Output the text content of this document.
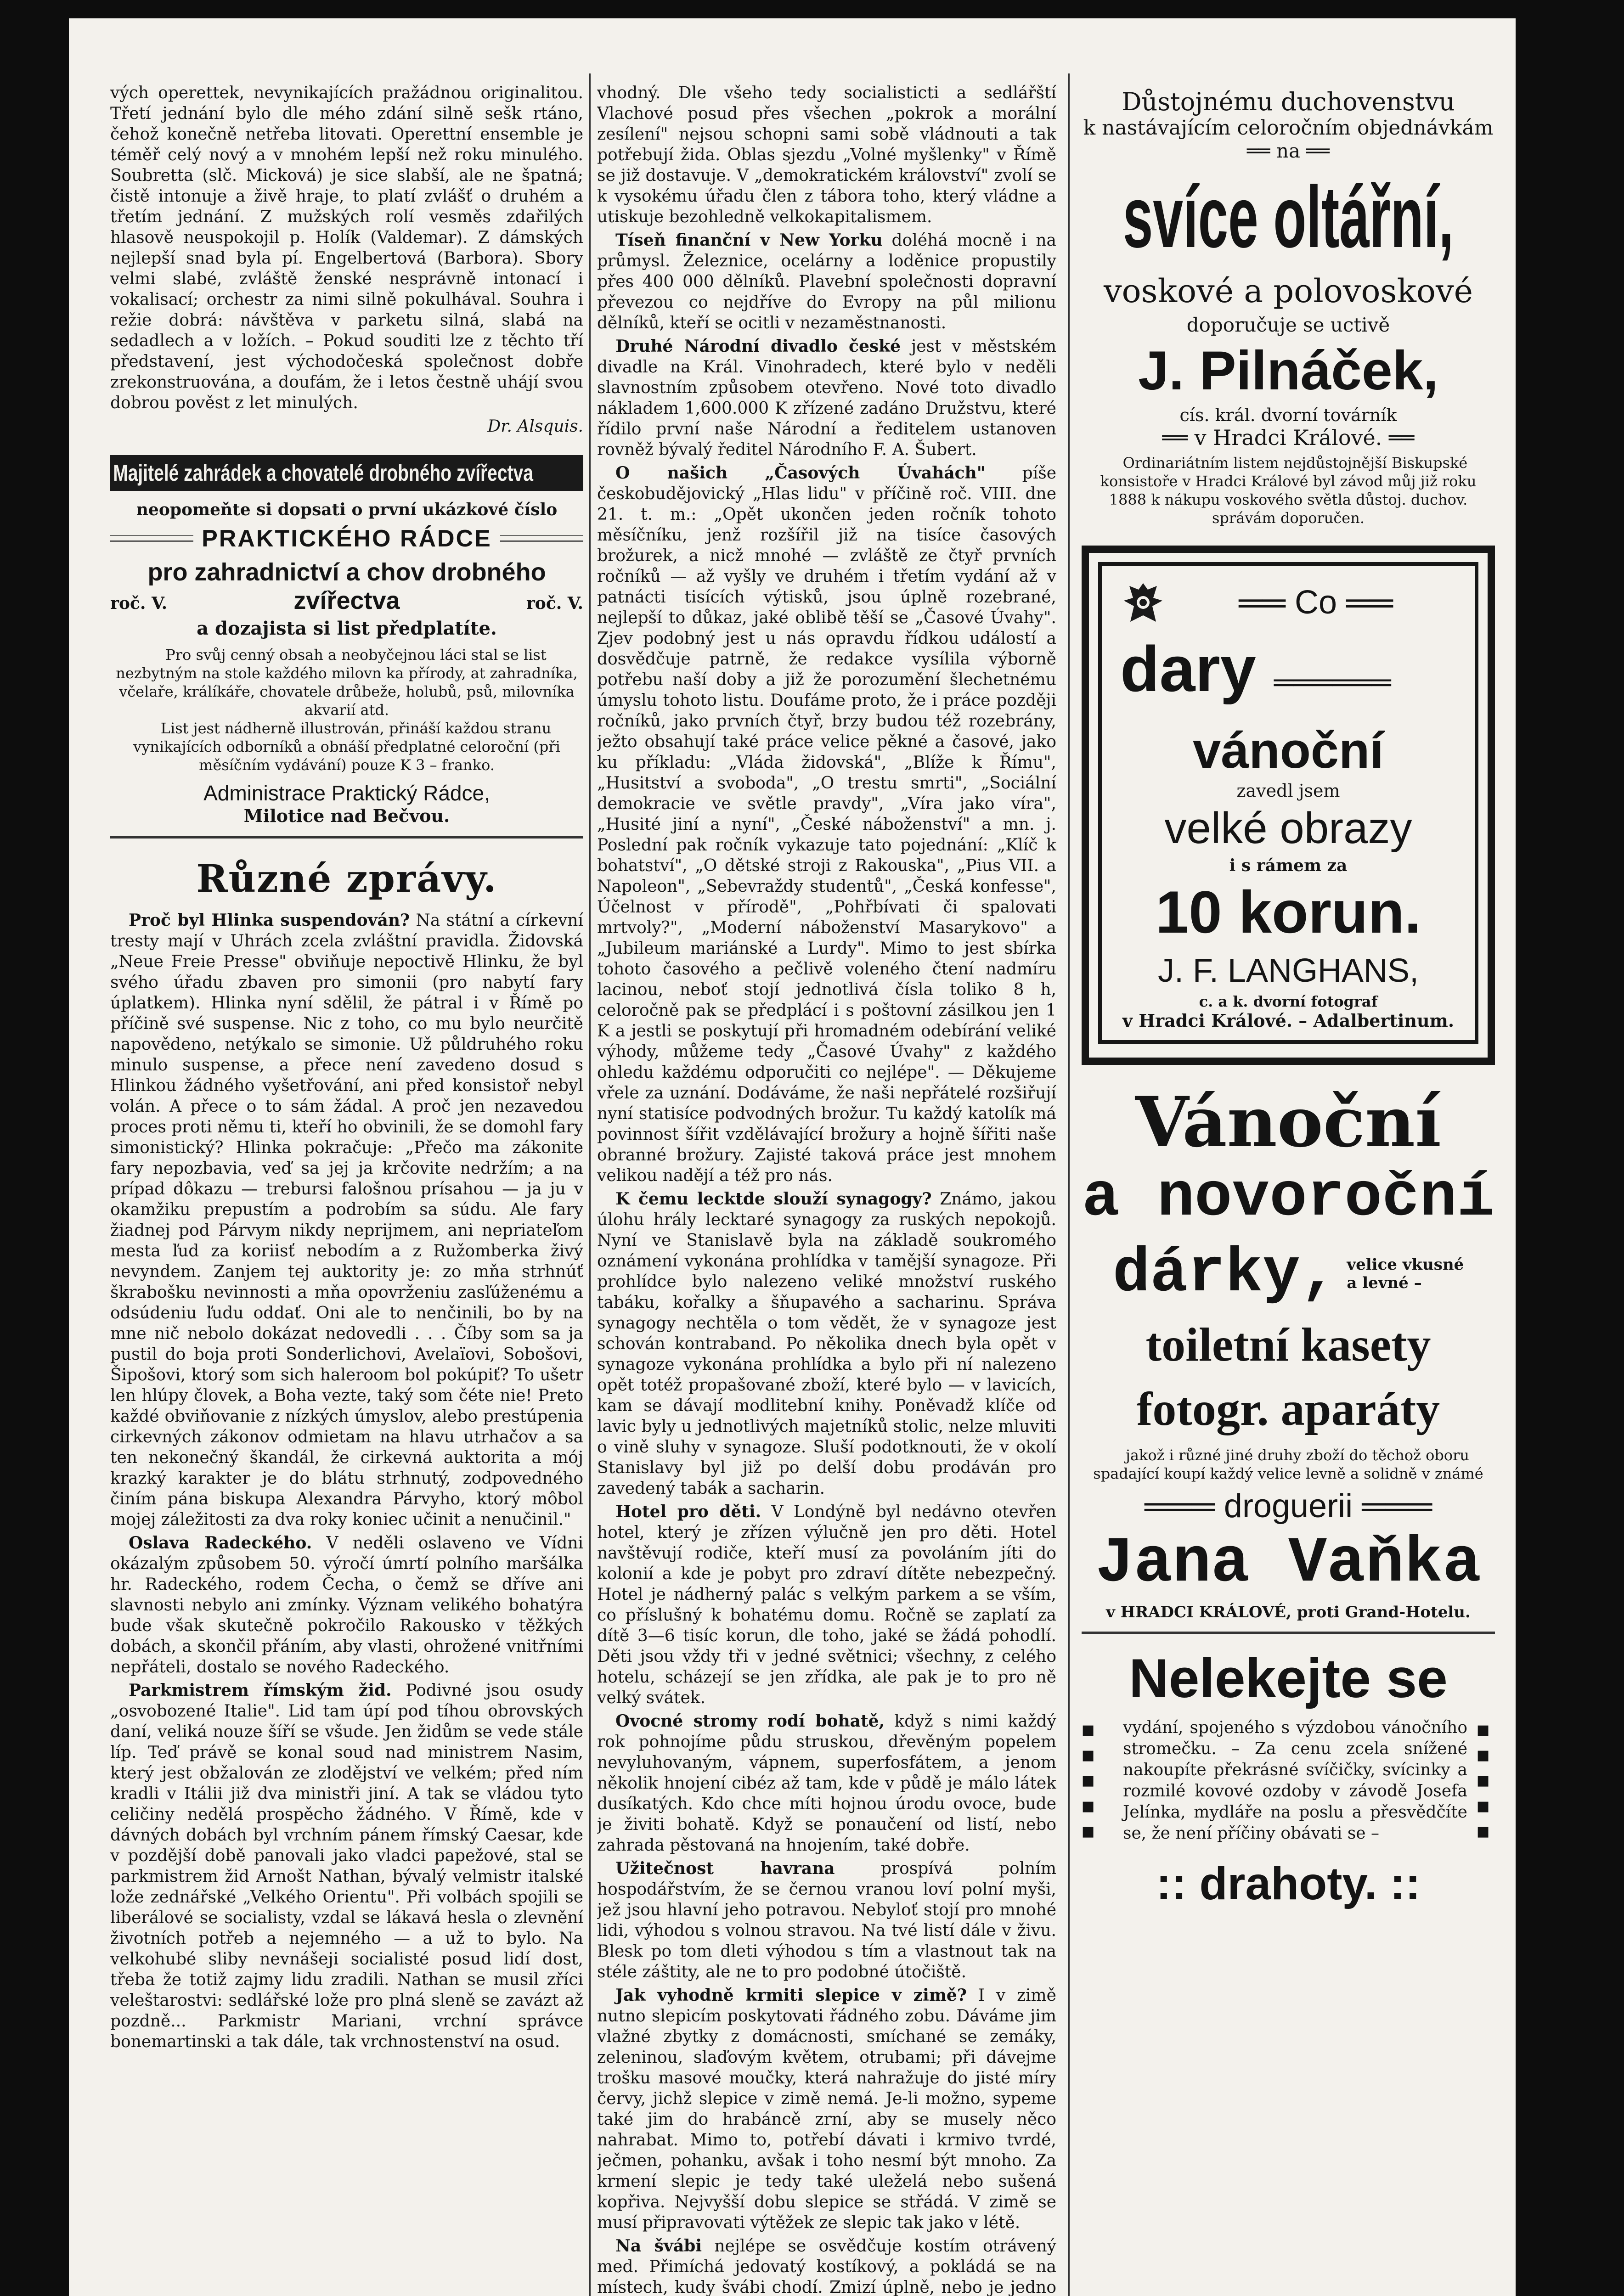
vých operettek, nevynikajících pražádnou originalitou. Třetí jednání bylo dle mého zdání silně sešk rtáno, čehož konečně netřeba litovati. Operettní ensemble je téměř celý nový a v mnohém lepší než roku minulého. Soubretta (slč. Micková) je sice slabší, ale ne špatná; čistě intonuje a živě hraje, to platí zvlášť o druhém a třetím jednání. Z mužských rolí vesměs zdařilých hlasově neuspokojil p. Holík (Valdemar). Z dámských nejlepší snad byla pí. Engelbertová (Barbora). Sbory velmi slabé, zvláště ženské nesprávně intonací i vokalisací; orchestr za nimi silně pokulhával. Souhra i režie dobrá: návštěva v parketu silná, slabá na sedadlech a v ložích. – Pokud souditi lze z těchto tří představení, jest východočeská společnost dobře zrekonstruována, a doufám, že i letos čestně uhájí svou dobrou pověst z let minulých.

Dr. Alsquis.

Majitelé zahrádek a chovatelé drobného zvířectva

neopomeňte si dopsati o první ukázkové číslo

PRAKTICKÉHO RÁDCE

pro zahradnictví a chov drobného

roč. V.	zvířectva	roč. V.

a dozajista si list předplatíte.

Pro svůj cenný obsah a neobyčejnou láci stal se list nezbytným na stole každého milovn ka přírody, at zahradníka, včelaře, králíkáře, chovatele drůbeže, holubů, psů, milovníka akvarií atd.

List jest nádherně illustrován, přináší každou stranu vynikajících odborníků a obnáší předplatné celoroční (při měsíčním vydávání) pouze K 3 – franko.

Administrace Praktický Rádce,

Milotice nad Bečvou.

Různé zprávy.

Proč byl Hlinka suspendován? Na státní a církevní tresty mají v Uhrách zcela zvláštní pravidla. Židovská „Neue Freie Presse" obviňuje nepoctivě Hlinku, že byl svého úřadu zbaven pro simonii (pro nabytí fary úplatkem). Hlinka nyní sdělil, že pátral i v Římě po příčině své suspense. Nic z toho, co mu bylo neurčitě napovědeno, netýkalo se simonie. Už půldruhého roku minulo suspense, a přece není zavedeno dosud s Hlinkou žádného vyšetřování, ani před konsistoř nebyl volán. A přece o to sám žádal. A proč jen nezavedou proces proti němu ti, kteří ho obvinili, že se domohl fary simonistický? Hlinka pokračuje: „Přečo ma zákonite fary nepozbavia, veď sa jej ja krčovite nedržím; a na prípad dôkazu — trebursi falošnou prísahou — ja ju v okamžiku prepustím a podrobím sa súdu. Ale fary žiadnej pod Párvym nikdy neprijmem, ani nepriateľom mesta ľud za koriisť nebodím a z Ružomberka živý nevyndem. Zanjem tej auktority je: zo mňa strhnúť škrabošku nevinnosti a mňa opovrženiu zasľúženému a odsúdeniu ľudu oddať. Oni ale to nenčinili, bo by na mne nič nebolo dokázat nedovedli . . . Číby som sa ja pustil do boja proti Sonderlichovi, Avelaïovi, Sobošovi, Šipošovi, ktorý som sich haleroom bol pokúpiť? To ušetr len hlúpy človek, a Boha vezte, taký som čéte nie! Preto každé obviňovanie z nízkých úmyslov, alebo prestúpenia cirkevných zákonov odmietam na hlavu utrhačov a sa ten nekonečný škandál, že cirkevná auktorita a mój krazký karakter je do blátu strhnutý, zodpovedného činím pána biskupa Alexandra Párvyho, ktorý môbol mojej záležitosti za dva roky koniec učinit a nenučinil."

Oslava Radeckého. V neděli oslaveno ve Vídni okázalým způsobem 50. výročí úmrtí polního maršálka hr. Radeckého, rodem Čecha, o čemž se dříve ani slavnosti nebylo ani zmínky. Význam velikého bohatýra bude však skutečně pokročilo Rakousko v těžkých dobách, a skončil přáním, aby vlasti, ohrožené vnitřními nepřáteli, dostalo se nového Radeckého.

Parkmistrem římským žid. Podivné jsou osudy „osvobozené Italie". Lid tam úpí pod tíhou obrovských daní, veliká nouze šíří se všude. Jen židům se vede stále líp. Teď právě se konal soud nad ministrem Nasim, který jest obžalován ze zlodějství ve velkém; před ním kradli v Itálii již dva ministři jiní. A tak se vládou tyto celičiny nedělá prospěcho žádného. V Římě, kde v dávných dobách byl vrchním pánem římský Caesar, kde v pozdější době panovali jako vladci papežové, stal se parkmistrem žid Arnošt Nathan, bývalý velmistr italské lože zednářské „Velkého Orientu". Při volbách spojili se liberálové se socialisty, vzdal se lákavá hesla o zlevnění životních potřeb a nejemného — a už to bylo. Na velkohubé sliby nevnášeji socialisté posud lidí dost, třeba že totiž zajmy lidu zradili. Nathan se musil zříci veleštarostvi: sedlářské lože pro plná sleně se zavázt až pozdně... Parkmistr Mariani, vrchní správce bonemartinski a tak dále, tak vrchnostenství na osud.

vhodný. Dle všeho tedy socialisticti a sedlářští Vlachové posud přes všechen „pokrok a morální zesílení" nejsou schopni sami sobě vládnouti a tak potřebují žida. Oblas sjezdu „Volné myšlenky" v Římě se již dostavuje. V „demokratickém království" zvolí se k vysokému úřadu člen z tábora toho, který vládne a utiskuje bezohledně velkokapitalismem.

Tíseň finanční v New Yorku doléhá mocně i na průmysl. Železnice, ocelárny a loděnice propustily přes 400 000 dělníků. Plavební společnosti dopravní převezou co nejdříve do Evropy na půl milionu dělníků, kteří se ocitli v nezaměstnanosti.

Druhé Národní divadlo české jest v městském divadle na Král. Vinohradech, které bylo v neděli slavnostním způsobem otevřeno. Nové toto divadlo nákladem 1,600.000 K zřízené zadáno Družstvu, které řídilo první naše Národní a ředitelem ustanoven rovněž bývalý ředitel Národního F. A. Šubert.

O našich „Časových Úvahách" píše českobudějovický „Hlas lidu" v příčině roč. VIII. dne 21. t. m.: „Opět ukončen jeden ročník tohoto měsíčníku, jenž rozšířil již na tisíce časových brožurek, a nicž mnohé — zvláště ze čtyř prvních ročníků — až vyšly ve druhém i třetím vydání až v patnácti tisících výtisků, jsou úplně rozebrané, nejlepší to důkaz, jaké oblibě těší se „Časové Úvahy". Zjev podobný jest u nás opravdu řídkou událostí a dosvědčuje patrně, že redakce vysílila výborně potřebu naší doby a již že porozumění šlechetnému úmyslu tohoto listu. Doufáme proto, že i práce později ročníků, jako prvních čtyř, brzy budou též rozebrány, ježto obsahují také práce velice pěkné a časové, jako ku příkladu: „Vláda židovská", „Blíže k Římu", „Husitství a svoboda", „O trestu smrti", „Sociální demokracie ve světle pravdy", „Víra jako víra", „Husité jiní a nyní", „České náboženství" a mn. j. Poslední pak ročník vykazuje tato pojednání: „Klíč k bohatství", „O dětské stroji z Rakouska", „Pius VII. a Napoleon", „Sebevraždy studentů", „Česká konfesse", Účelnost v přírodě", „Pohřbívati či spalovati mrtvoly?", „Moderní náboženství Masarykovo" a „Jubileum mariánské a Lurdy". Mimo to jest sbírka tohoto časového a pečlivě voleného čtení nadmíru lacinou, neboť stojí jednotlivá čísla toliko 8 h, celoročně pak se předplácí i s poštovní zásilkou jen 1 K a jestli se poskytují při hromadném odebírání veliké výhody, můžeme tedy „Časové Úvahy" z každého ohledu každému odporučiti co nejlépe". — Děkujeme vřele za uznání. Dodáváme, že naši nepřátelé rozšiřují nyní statisíce podvodných brožur. Tu každý katolík má povinnost šířit vzdělávající brožury a hojně šířiti naše obranné brožury. Zajisté taková práce jest mnohem velikou nadějí a též pro nás.

K čemu lecktde slouží synagogy? Známo, jakou úlohu hrály lecktaré synagogy za ruských nepokojů. Nyní ve Stanislavě byla na základě soukromého oznámení vykonána prohlídka v tamější synagoze. Při prohlídce bylo nalezeno veliké množství ruského tabáku, kořalky a šňupavého a sacharinu. Správa synagogy nechtěla o tom vědět, že v synagoze jest schován kontraband. Po několika dnech byla opět v synagoze vykonána prohlídka a bylo při ní nalezeno opět totéž propašované zboží, které bylo — v lavicích, kam se dávají modlitební knihy. Poněvadž klíče od lavic byly u jednotlivých majetníků stolic, nelze mluviti o vině sluhy v synagoze. Sluší podotknouti, že v okolí Stanislavy byl již po delší dobu prodáván pro zavedený tabák a sacharin.

Hotel pro děti. V Londýně byl nedávno otevřen hotel, který je zřízen výlučně jen pro děti. Hotel navštěvují rodiče, kteří musí za povoláním jíti do kolonií a kde je pobyt pro zdraví dítěte nebezpečný. Hotel je nádherný palác s velkým parkem a se vším, co příslušný k bohatému domu. Ročně se zaplatí za dítě 3—6 tisíc korun, dle toho, jaké se žádá pohodlí. Děti jsou vždy tři v jedné světnici; všechny, z celého hotelu, scházejí se jen zřídka, ale pak je to pro ně velký svátek.

Ovocné stromy rodí bohatě, když s nimi každý rok pohnojíme půdu struskou, dřevěným popelem nevyluhovaným, vápnem, superfosfátem, a jenom několik hnojení cibéz až tam, kde v půdě je málo látek dusíkatých. Kdo chce míti hojnou úrodu ovoce, bude je živiti bohatě. Když se ponaučení od listí, nebo zahrada pěstovaná na hnojením, také dobře.

Užitečnost havrana	prospívá polním hospodářstvím, že se černou vranou loví polní myši, jež jsou hlavní jeho potravou. Nebyloť stojí pro mnohé lidi, výhodou s volnou stravou. Na tvé listí dále v živu. Blesk po tom dleti výhodou s tím a vlastnout tak na stéle záštity, ale ne to pro podobné útočiště.

Jak vyhodně krmiti slepice v zimě? I v zimě nutno slepicím poskytovati řádného zobu. Dáváme jim vlažné zbytky z domácnosti, smíchané se zemáky, zeleninou, slaďovým květem, otrubami; při dávejme trošku masové moučky, která nahražuje do jisté míry červy, jichž slepice v zimě nemá. Je-li možno, sypeme také jim do hrabáncě zrní, aby se musely něco nahrabat. Mimo to, potřebí dávati i krmivo tvrdé, ječmen, pohanku, avšak i toho nesmí být mnoho. Za krmení slepic je tedy také uleželá nebo sušená kopřiva. Nejvyšší dobu slepice se střádá. V zimě se musí připravovati výtěžek ze slepic tak jako v létě.

Na švábi nejlépe se osvědčuje kostím otrávený med. Přimíchá jedovatý kostíkový, a pokládá se na místech, kudy švábi chodí. Zmizí úplně, nebo je jedno

Důstojnému duchovenstvu

k nastávajícím celoročním objednávkám

══ na ══

svíce oltářní,

voskové a polovoskové

doporučuje se uctivě

J. Pilnáček,

cís. král. dvorní továrník

══ v Hradci Králové. ══

Ordinariátním listem nejdůstojnější Biskupské konsistoře v Hradci Králové byl závod můj již roku 1888 k nákupu voskového světla důstoj. duchov. správám doporučen.

══ Co ══

dary ══════

vánoční

zavedl jsem

velké obrazy

i s rámem za

10 korun.

J. F. LANGHANS,

c. a k. dvorní fotograf

v Hradci Králové. – Adalbertinum.

Vánoční

a novoroční

dárky, velice vkusné
a levné –

toiletní kasety

fotogr. aparáty

jakož i různé jiné druhy zboží do těchož oboru spadající koupí každý velice levně a solidně v známé

═══ droguerii ═══

Jana Vaňka

v HRADCI KRÁLOVÉ, proti Grand-Hotelu.

Nelekejte se

■
■
■
■
■

vydání, spojeného s výzdobou vánočního stromečku. – Za cenu zcela snížené nakoupíte překrásné svíčičky, svícinky a rozmilé kovové ozdoby v závodě Josefa Jelínka, mydláře na poslu a přesvědčíte se, že není příčiny obávati se –

■
■
■
■
■

:: drahoty. ::
